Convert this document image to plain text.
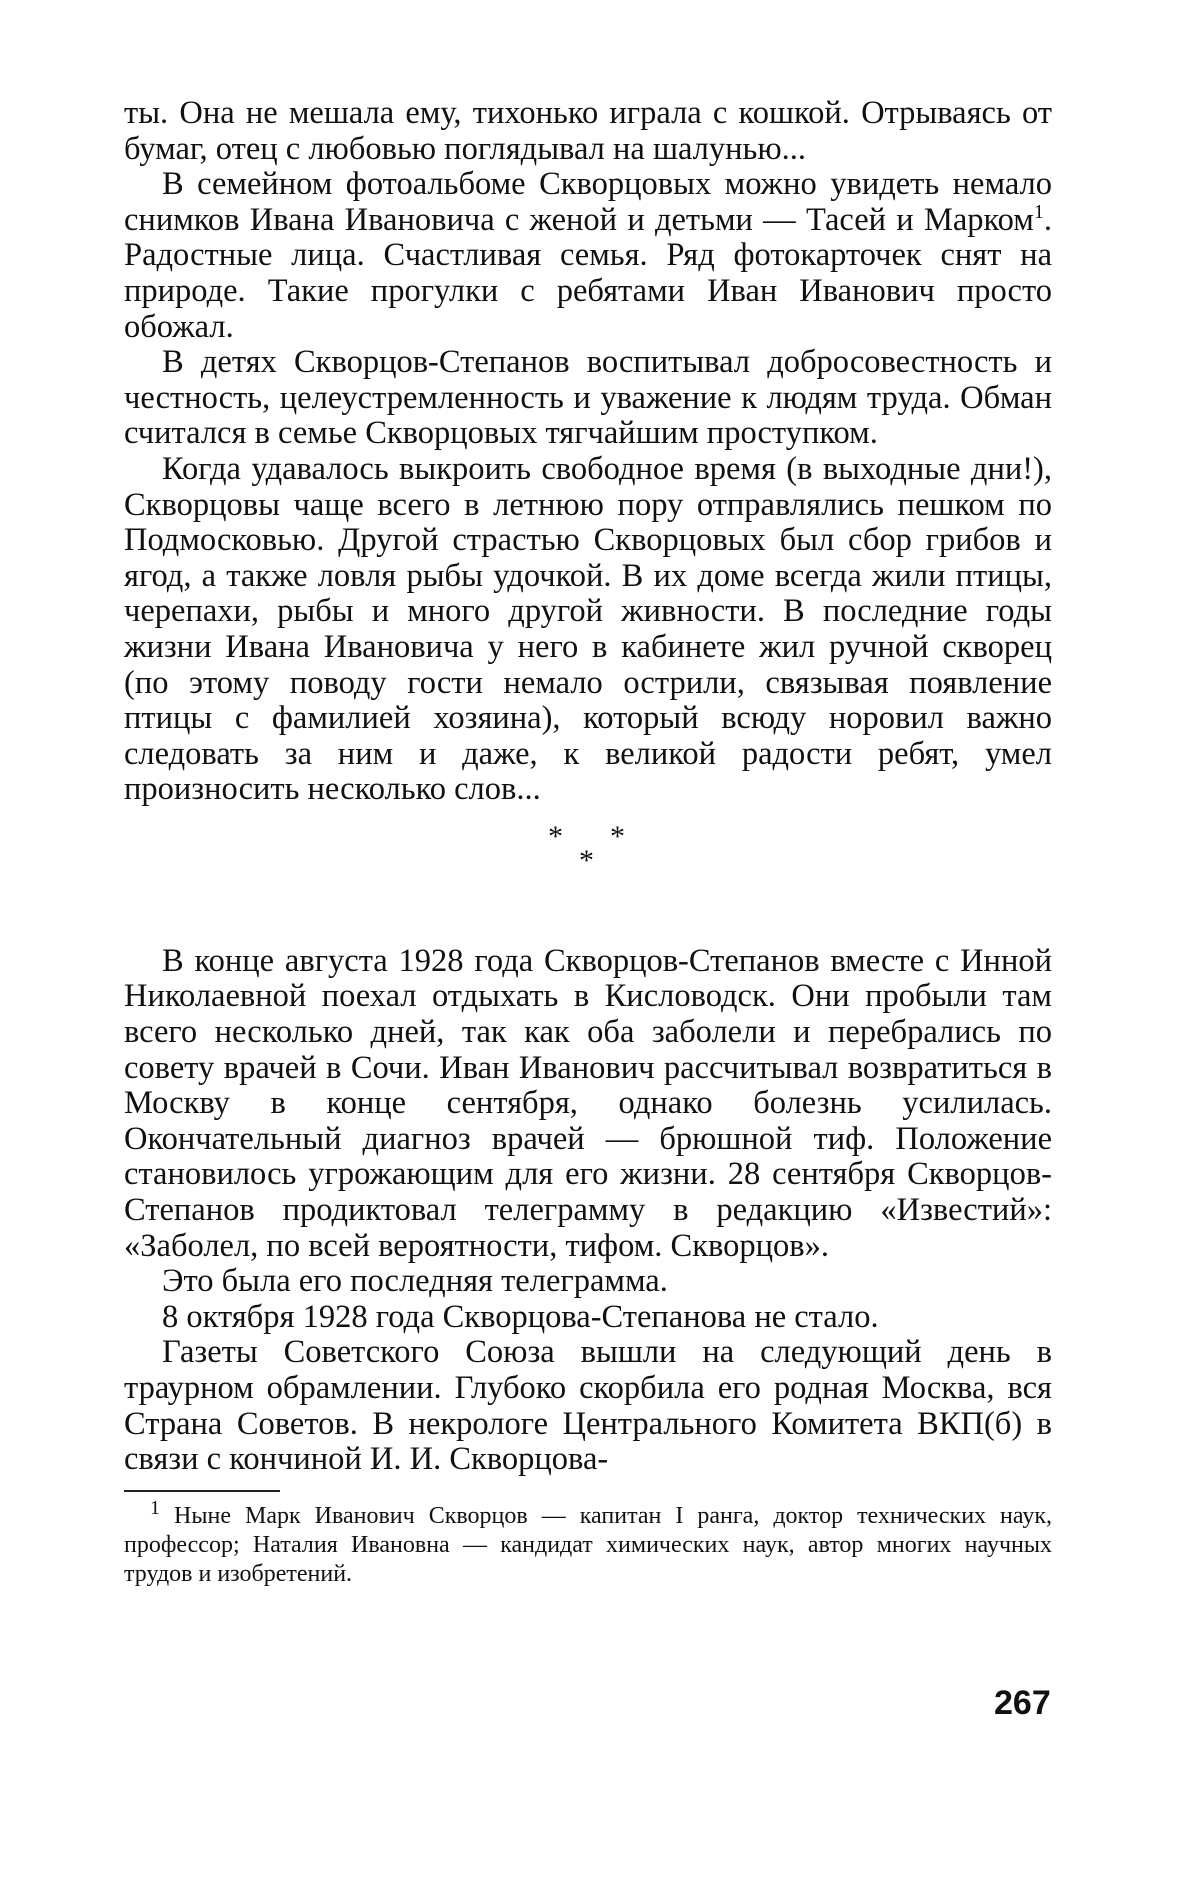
ты. Она не мешала ему, тихонько играла с кошкой. Отрываясь от бумаг, отец с любовью поглядывал на шалунью...

В семейном фотоальбоме Скворцовых можно увидеть немало снимков Ивана Ивановича с женой и детьми — Тасей и Марком$^1$. Радостные лица. Счастливая семья. Ряд фотокарточек снят на природе. Такие прогулки с ребятами Иван Иванович просто обожал.

В детях Скворцов-Степанов воспитывал добросовестность и честность, целеустремленность и уважение к людям труда. Обман считался в семье Скворцовых тягчайшим проступком.

Когда удавалось выкроить свободное время (в выходные дни!), Скворцовы чаще всего в летнюю пору отправлялись пешком по Подмосковью. Другой страстью Скворцовых был сбор грибов и ягод, а также ловля рыбы удочкой. В их доме всегда жили птицы, черепахи, рыбы и много другой живности. В последние годы жизни Ивана Ивановича у него в кабинете жил ручной скворец (по этому поводу гости немало острили, связывая появление птицы с фамилией хозяина), который всюду норовил важно следовать за ним и даже, к великой радости ребят, умел произносить несколько слов...

* *
*

В конце августа 1928 года Скворцов-Степанов вместе с Инной Николаевной поехал отдыхать в Кисловодск. Они пробыли там всего несколько дней, так как оба заболели и перебрались по совету врачей в Сочи. Иван Иванович рассчитывал возвратиться в Москву в конце сентября, однако болезнь усилилась. Окончательный диагноз врачей — брюшной тиф. Положение становилось угрожающим для его жизни. 28 сентября Скворцов-Степанов продиктовал телеграмму в редакцию «Известий»: «Заболел, по всей вероятности, тифом. Скворцов».

Это была его последняя телеграмма.

8 октября 1928 года Скворцова-Степанова не стало.

Газеты Советского Союза вышли на следующий день в траурном обрамлении. Глубоко скорбила его родная Москва, вся Страна Советов. В некрологе Центрального Комитета ВКП(б) в связи с кончиной И. И. Скворцова-

$^1$ Ныне Марк Иванович Скворцов — капитан I ранга, доктор технических наук, профессор; Наталия Ивановна — кандидат химических наук, автор многих научных трудов и изобретений.

267
